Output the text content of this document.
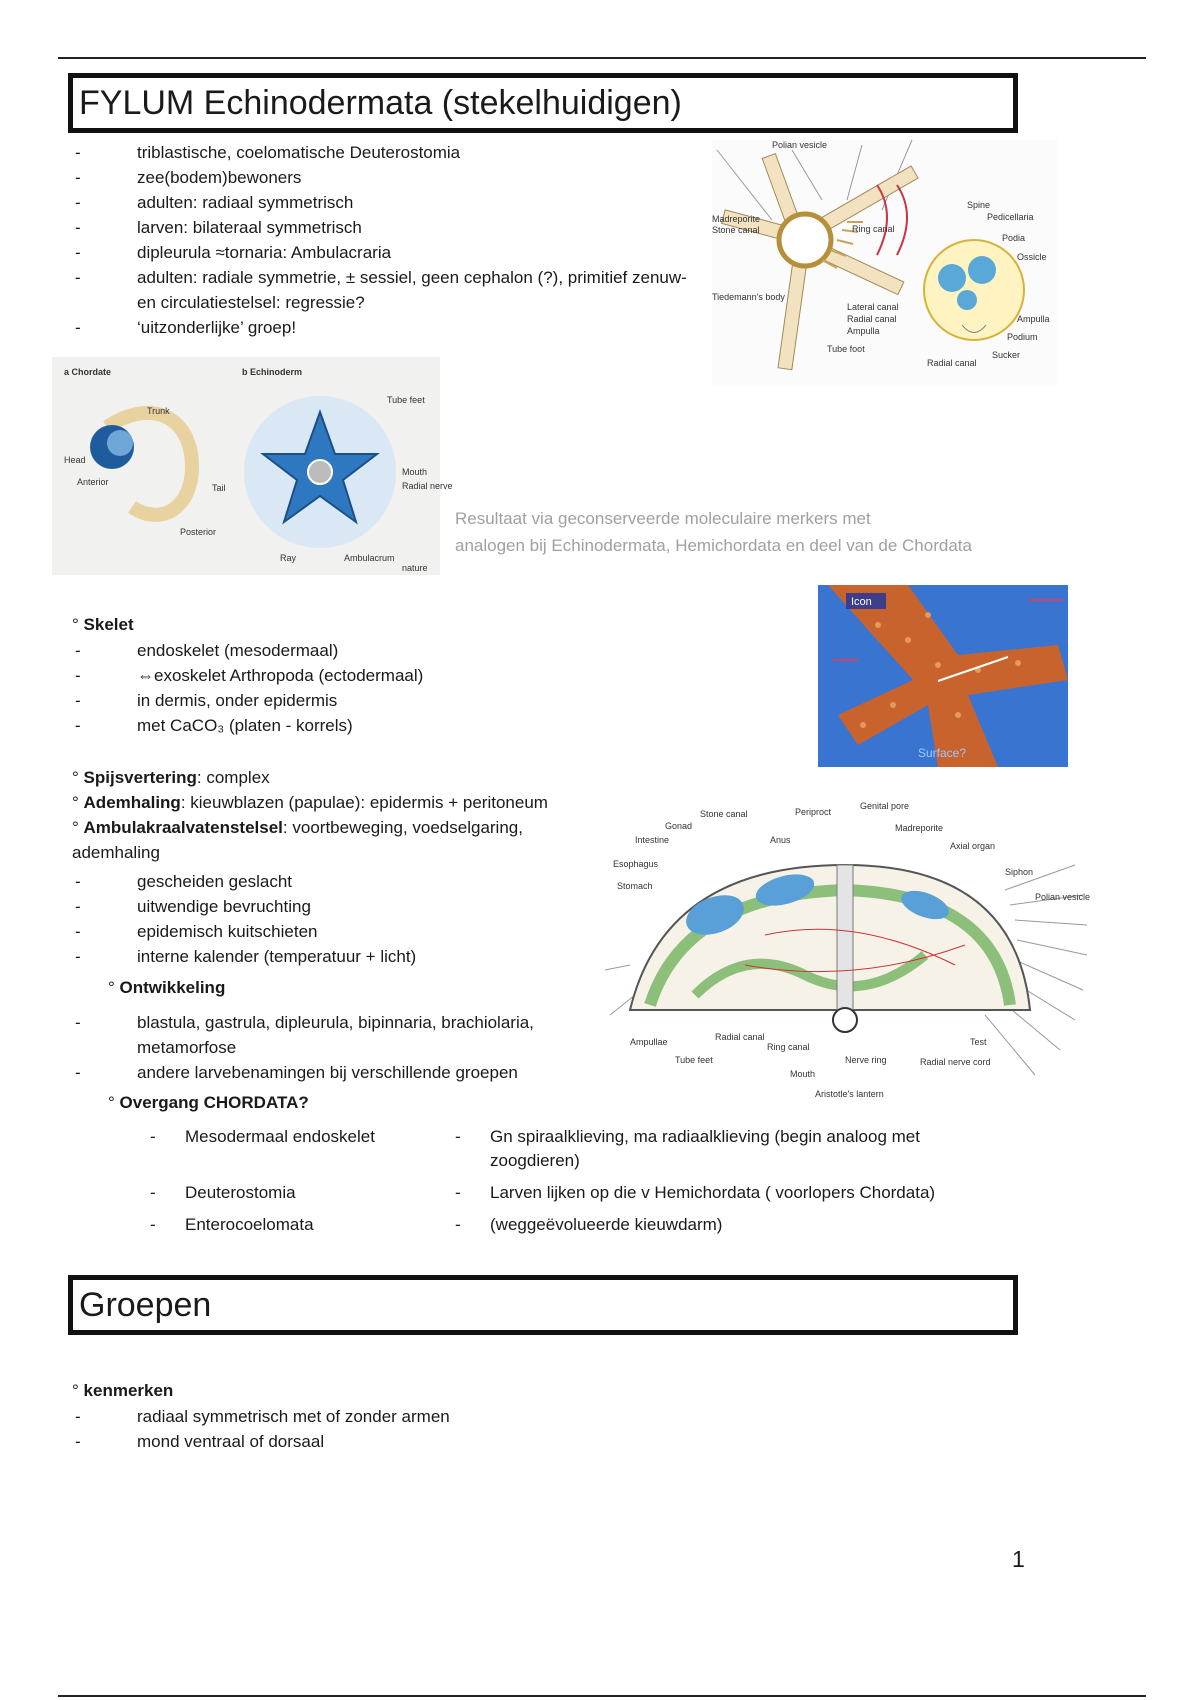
FYLUM Echinodermata (stekelhuidigen)
- triblastische, coelomatische Deuterostomia
- zee(bodem)bewoners
- adulten: radiaal symmetrisch
- larven: bilateraal symmetrisch
- dipleurula ≈tornaria: Ambulacraria
- adulten: radiale symmetrie, ± sessiel, geen cephalon (?), primitief zenuw- en circulatiestelsel: regressie?
- ‘uitzonderlijke’ groep!
Polian vesicle
Madreporite
Stone canal	Ring canal
Tiedemann's body
Lateral canal
Radial canal
Ampulla
Tube foot
Spine
Pedicellaria
Podia
Ossicle
Ampulla
Podium
Sucker
Radial canal
a Chordate	b Echinoderm
Trunk
Head
Anterior
Tail
Posterior
Tube feet
Mouth
Radial nerve
Ray	Ambulacrum
nature
Resultaat via geconserveerde moleculaire merkers met
analogen bij Echinodermata, Hemichordata en deel van de Chordata
Icon
Surface?
° Skelet
- endoskelet (mesodermaal)
- ⇔exoskelet Arthropoda (ectodermaal)
- in dermis, onder epidermis
- met CaCO₃ (platen - korrels)
° Spijsvertering: complex
° Ademhaling: kieuwblazen (papulae): epidermis + peritoneum
° Ambulakraalvatenstelsel: voortbeweging, voedselgaring,
ademhaling
- gescheiden geslacht
- uitwendige bevruchting
- epidemisch kuitschieten
- interne kalender (temperatuur + licht)
Stone canal	Periproct
Genital pore
Gonad	Madreporite
Intestine	Anus
Axial organ
Esophagus
Siphon
Stomach
Polian vesicle
Ampullae	Radial canal
Ring canal
Tube feet	Nerve ring	Radial nerve cord
Test
Mouth
Aristotle's lantern
° Ontwikkeling
- blastula, gastrula, dipleurula, bipinnaria, brachiolaria, metamorfose
- andere larvebenamingen bij verschillende groepen
° Overgang CHORDATA?
- Mesodermaal endoskelet	- Gn spiraalklieving, ma radiaalklieving (begin analoog met zoogdieren)
- Deuterostomia	- Larven lijken op die v Hemichordata ( voorlopers Chordata)
- Enterocoelomata	- (weggeëvolueerde kieuwdarm)
Groepen
° kenmerken
- radiaal symmetrisch met of zonder armen
- mond ventraal of dorsaal
1
